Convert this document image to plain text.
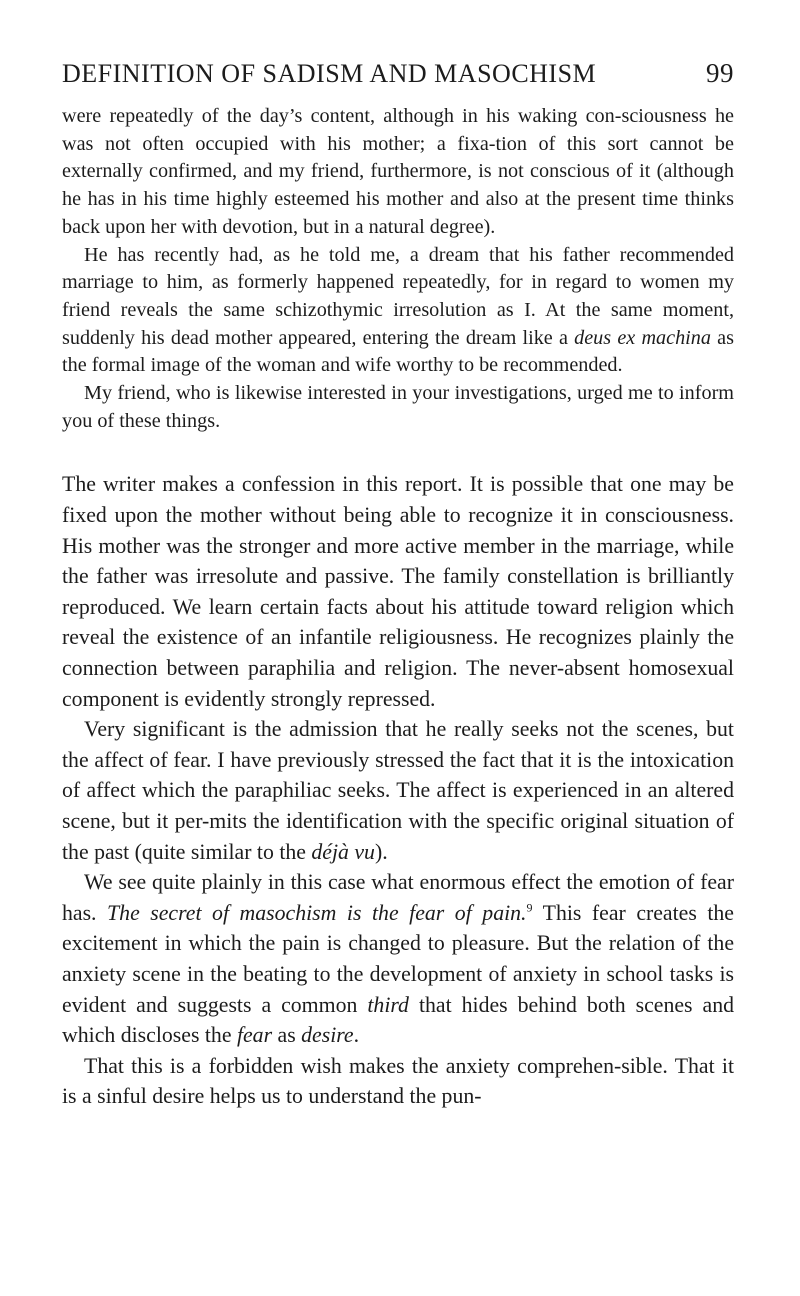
DEFINITION OF SADISM AND MASOCHISM	99

were repeatedly of the day’s content, although in his waking con-sciousness he was not often occupied with his mother; a fixa-tion of this sort cannot be externally confirmed, and my friend, furthermore, is not conscious of it (although he has in his time highly esteemed his mother and also at the present time thinks back upon her with devotion, but in a natural degree).

He has recently had, as he told me, a dream that his father recommended marriage to him, as formerly happened repeatedly, for in regard to women my friend reveals the same schizothymic irresolution as I. At the same moment, suddenly his dead mother appeared, entering the dream like a deus ex machina as the formal image of the woman and wife worthy to be recommended.

My friend, who is likewise interested in your investigations, urged me to inform you of these things.

The writer makes a confession in this report. It is possible that one may be fixed upon the mother without being able to recognize it in consciousness. His mother was the stronger and more active member in the marriage, while the father was irresolute and passive. The family constellation is brilliantly reproduced. We learn certain facts about his attitude toward religion which reveal the existence of an infantile religiousness. He recognizes plainly the connection between paraphilia and religion. The never-absent homosexual component is evidently strongly repressed.

Very significant is the admission that he really seeks not the scenes, but the affect of fear. I have previously stressed the fact that it is the intoxication of affect which the paraphiliac seeks. The affect is experienced in an altered scene, but it per-mits the identification with the specific original situation of the past (quite similar to the déjà vu).

We see quite plainly in this case what enormous effect the emotion of fear has. The secret of masochism is the fear of pain.$^9$ This fear creates the excitement in which the pain is changed to pleasure. But the relation of the anxiety scene in the beating to the development of anxiety in school tasks is evident and suggests a common third that hides behind both scenes and which discloses the fear as desire.

That this is a forbidden wish makes the anxiety comprehen-sible. That it is a sinful desire helps us to understand the pun-
